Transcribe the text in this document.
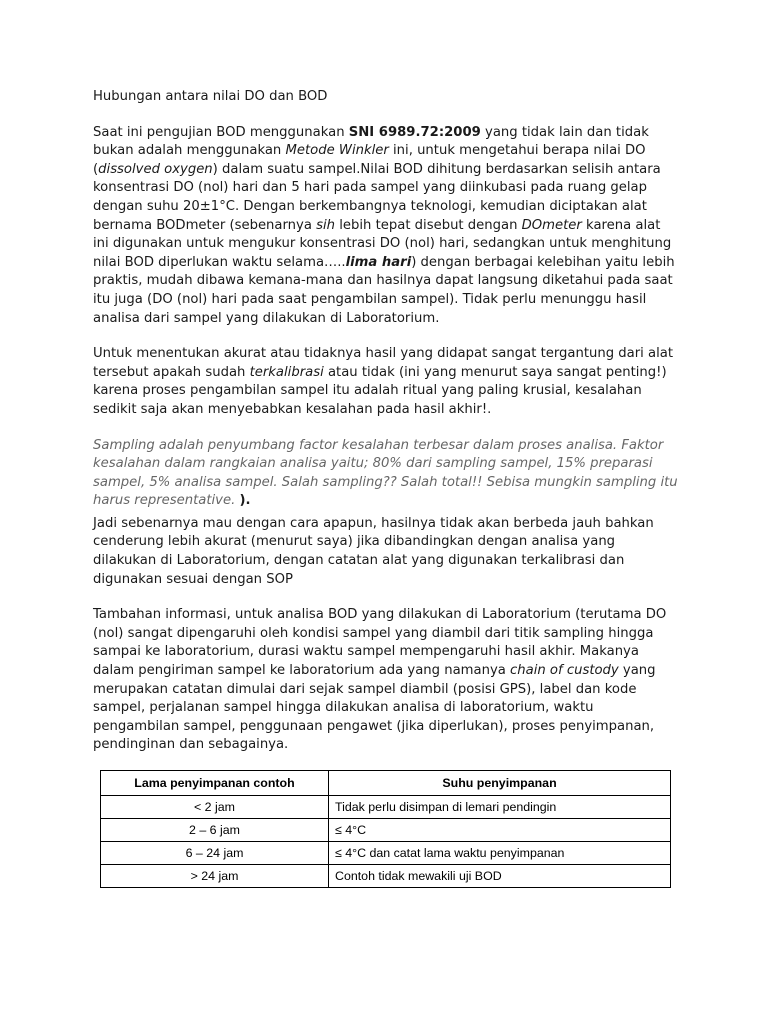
Hubungan antara nilai DO dan BOD

Saat ini pengujian BOD menggunakan SNI 6989.72:2009 yang tidak lain dan tidak bukan adalah menggunakan Metode Winkler ini, untuk mengetahui berapa nilai DO (dissolved oxygen) dalam suatu sampel.Nilai BOD dihitung berdasarkan selisih antara konsentrasi DO (nol) hari dan 5 hari pada sampel yang diinkubasi pada ruang gelap dengan suhu 20±1°C. Dengan berkembangnya teknologi, kemudian diciptakan alat bernama BODmeter (sebenarnya sih lebih tepat disebut dengan DOmeter karena alat ini digunakan untuk mengukur konsentrasi DO (nol) hari, sedangkan untuk menghitung nilai BOD diperlukan waktu selama…..lima hari) dengan berbagai kelebihan yaitu lebih praktis, mudah dibawa kemana-mana dan hasilnya dapat langsung diketahui pada saat itu juga (DO (nol) hari pada saat pengambilan sampel). Tidak perlu menunggu hasil analisa dari sampel yang dilakukan di Laboratorium.

Untuk menentukan akurat atau tidaknya hasil yang didapat sangat tergantung dari alat tersebut apakah sudah terkalibrasi atau tidak (ini yang menurut saya sangat penting!) karena proses pengambilan sampel itu adalah ritual yang paling krusial, kesalahan sedikit saja akan menyebabkan kesalahan pada hasil akhir!.

Sampling adalah penyumbang factor kesalahan terbesar dalam proses analisa. Faktor kesalahan dalam rangkaian analisa yaitu; 80% dari sampling sampel, 15% preparasi sampel, 5% analisa sampel. Salah sampling?? Salah total!! Sebisa mungkin sampling itu harus representative. ).

Jadi sebenarnya mau dengan cara apapun, hasilnya tidak akan berbeda jauh bahkan cenderung lebih akurat (menurut saya) jika dibandingkan dengan analisa yang dilakukan di Laboratorium, dengan catatan alat yang digunakan terkalibrasi dan digunakan sesuai dengan SOP

Tambahan informasi, untuk analisa BOD yang dilakukan di Laboratorium (terutama DO (nol) sangat dipengaruhi oleh kondisi sampel yang diambil dari titik sampling hingga sampai ke laboratorium, durasi waktu sampel mempengaruhi hasil akhir. Makanya dalam pengiriman sampel ke laboratorium ada yang namanya chain of custody yang merupakan catatan dimulai dari sejak sampel diambil (posisi GPS), label dan kode sampel, perjalanan sampel hingga dilakukan analisa di laboratorium, waktu pengambilan sampel, penggunaan pengawet (jika diperlukan), proses penyimpanan, pendinginan dan sebagainya.

Lama penyimpanan contoh	Suhu penyimpanan
< 2 jam	Tidak perlu disimpan di lemari pendingin
2 – 6 jam	≤ 4°C
6 – 24 jam	≤ 4°C dan catat lama waktu penyimpanan
> 24 jam	Contoh tidak mewakili uji BOD
